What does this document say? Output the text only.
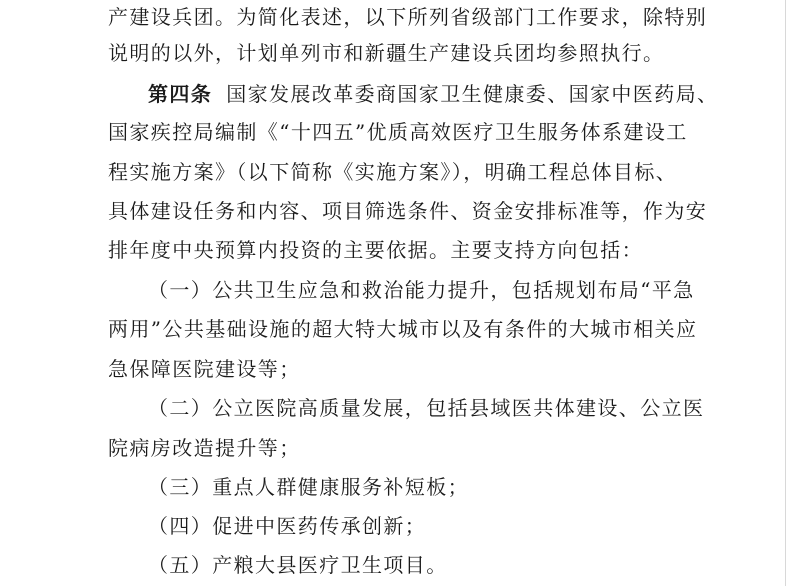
产建设兵团。为简化表述，以下所列省级部门工作要求，除特别

说明的以外，计划单列市和新疆生产建设兵团均参照执行。

第四条 国家发展改革委商国家卫生健康委、国家中医药局、

国家疾控局编制《“十四五”优质高效医疗卫生服务体系建设工

程实施方案》（以下简称《实施方案》），明确工程总体目标、

具体建设任务和内容、项目筛选条件、资金安排标准等，作为安

排年度中央预算内投资的主要依据。主要支持方向包括：

（一）公共卫生应急和救治能力提升，包括规划布局“平急

两用”公共基础设施的超大特大城市以及有条件的大城市相关应

急保障医院建设等；

（二）公立医院高质量发展，包括县域医共体建设、公立医

院病房改造提升等；

（三）重点人群健康服务补短板；

（四）促进中医药传承创新；

（五）产粮大县医疗卫生项目。
